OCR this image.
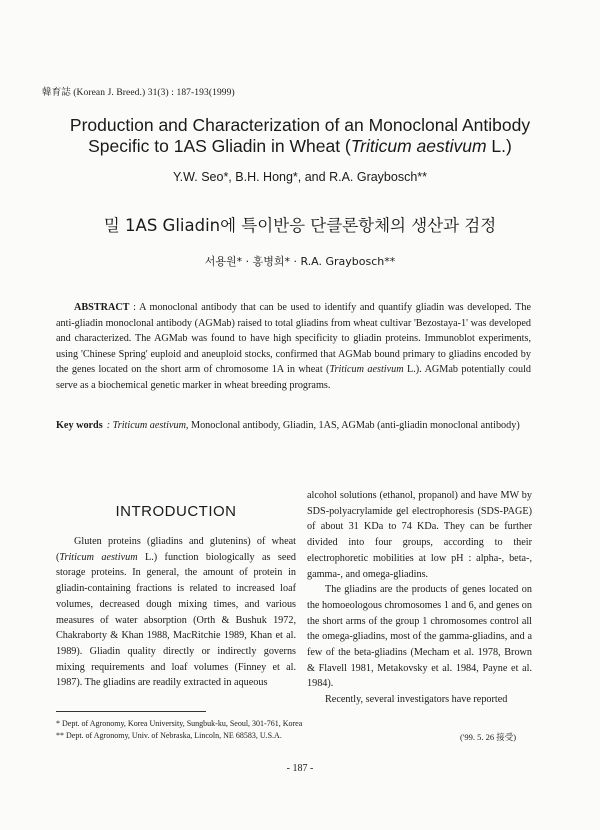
韓育誌 (Korean J. Breed.) 31(3) : 187-193(1999)
Production and Characterization of an Monoclonal Antibody
Specific to 1AS Gliadin in Wheat (Triticum aestivum L.)
Y.W. Seo*, B.H. Hong*, and R.A. Graybosch**
밀 1AS Gliadin에 특이반응 단클론항체의 생산과 검정
서용원* · 홍병희* · R.A. Graybosch**

ABSTRACT : A monoclonal antibody that can be used to identify and quantify gliadin was developed. The anti-gliadin monoclonal antibody (AGMab) raised to total gliadins from wheat cultivar 'Bezostaya-1' was developed and characterized. The AGMab was found to have high specificity to gliadin proteins. Immunoblot experiments, using 'Chinese Spring' euploid and aneuploid stocks, confirmed that AGMab bound primary to gliadins encoded by the genes located on the short arm of chromosome 1A in wheat (Triticum aestivum L.). AGMab potentially could serve as a biochemical genetic marker in wheat breeding programs.

Key words : Triticum aestivum, Monoclonal antibody, Gliadin, 1AS, AGMab (anti-gliadin monoclonal antibody)
INTRODUCTION

Gluten proteins (gliadins and glutenins) of wheat (Triticum aestivum L.) function biologically as seed storage proteins. In general, the amount of protein in gliadin-containing fractions is related to increased loaf volumes, decreased dough mixing times, and various measures of water absorption (Orth & Bushuk 1972, Chakraborty & Khan 1988, MacRitchie 1989, Khan et al. 1989). Gliadin quality directly or indirectly governs mixing requirements and loaf volumes (Finney et al. 1987). The gliadins are readily extracted in aqueous

alcohol solutions (ethanol, propanol) and have MW by SDS-polyacrylamide gel electrophoresis (SDS-PAGE) of about 31 KDa to 74 KDa. They can be further divided into four groups, according to their electrophoretic mobilities at low pH : alpha-, beta-, gamma-, and omega-gliadins.

The gliadins are the products of genes located on the homoeologous chromosomes 1 and 6, and genes on the short arms of the group 1 chromosomes control all the omega-gliadins, most of the gamma-gliadins, and a few of the beta-gliadins (Mecham et al. 1978, Brown & Flavell 1981, Metakovsky et al. 1984, Payne et al. 1984).

Recently, several investigators have reported

* Dept. of Agronomy, Korea University, Sungbuk-ku, Seoul, 301-761, Korea
** Dept. of Agronomy, Univ. of Nebraska, Lincoln, NE 68583, U.S.A.	('99. 5. 26 接受)
- 187 -
